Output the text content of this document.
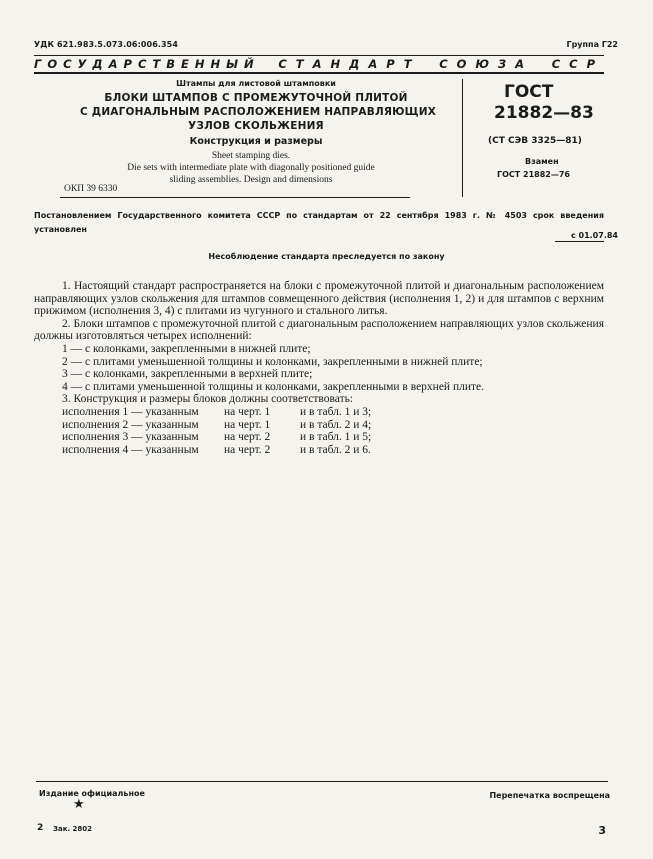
УДК 621.983.5.073.06:006.354	Группа Г22
ГОСУДАРСТВЕННЫЙ СТАНДАРТ СОЮЗА ССР
Штампы для листовой штамповки
БЛОКИ ШТАМПОВ С ПРОМЕЖУТОЧНОЙ ПЛИТОЙ
С ДИАГОНАЛЬНЫМ РАСПОЛОЖЕНИЕМ НАПРАВЛЯЮЩИХ
УЗЛОВ СКОЛЬЖЕНИЯ
Конструкция и размеры
Sheet stamping dies.
Die sets with intermediate plate with diagonally positioned guide
sliding assemblies. Design and dimensions
ОКП 39 6330
ГОСТ
21882—83
(СТ СЭВ 3325—81)
Взамен
ГОСТ 21882—76
Постановлением Государственного комитета СССР по стандартам от 22 сентября 1983 г. № 4503 срок введения установлен
с 01.07.84
Несоблюдение стандарта преследуется по закону

1. Настоящий стандарт распространяется на блоки с промежуточной плитой и диагональным расположением направляющих узлов скольжения для штампов совмещенного действия (исполнения 1, 2) и для штампов с верхним прижимом (исполнения 3, 4) с плитами из чугунного и стального литья.

2. Блоки штампов с промежуточной плитой с диагональным расположением направляющих узлов скольжения должны изготовляться четырех исполнений:

1 — с колонками, закрепленными в нижней плите;

2 — с плитами уменьшенной толщины и колонками, закрепленными в нижней плите;

3 — с колонками, закрепленными в верхней плите;

4 — с плитами уменьшенной толщины и колонками, закрепленными в верхней плите.

3. Конструкция и размеры блоков должны соответствовать:

исполнения 1 — указанным	на черт. 1	и в табл. 1 и 3;
исполнения 2 — указанным	на черт. 1	и в табл. 2 и 4;
исполнения 3 — указанным	на черт. 2	и в табл. 1 и 5;
исполнения 4 — указанным	на черт. 2	и в табл. 2 и 6.
Издание официальное
★
Перепечатка воспрещена
2 Зак. 2802	3
